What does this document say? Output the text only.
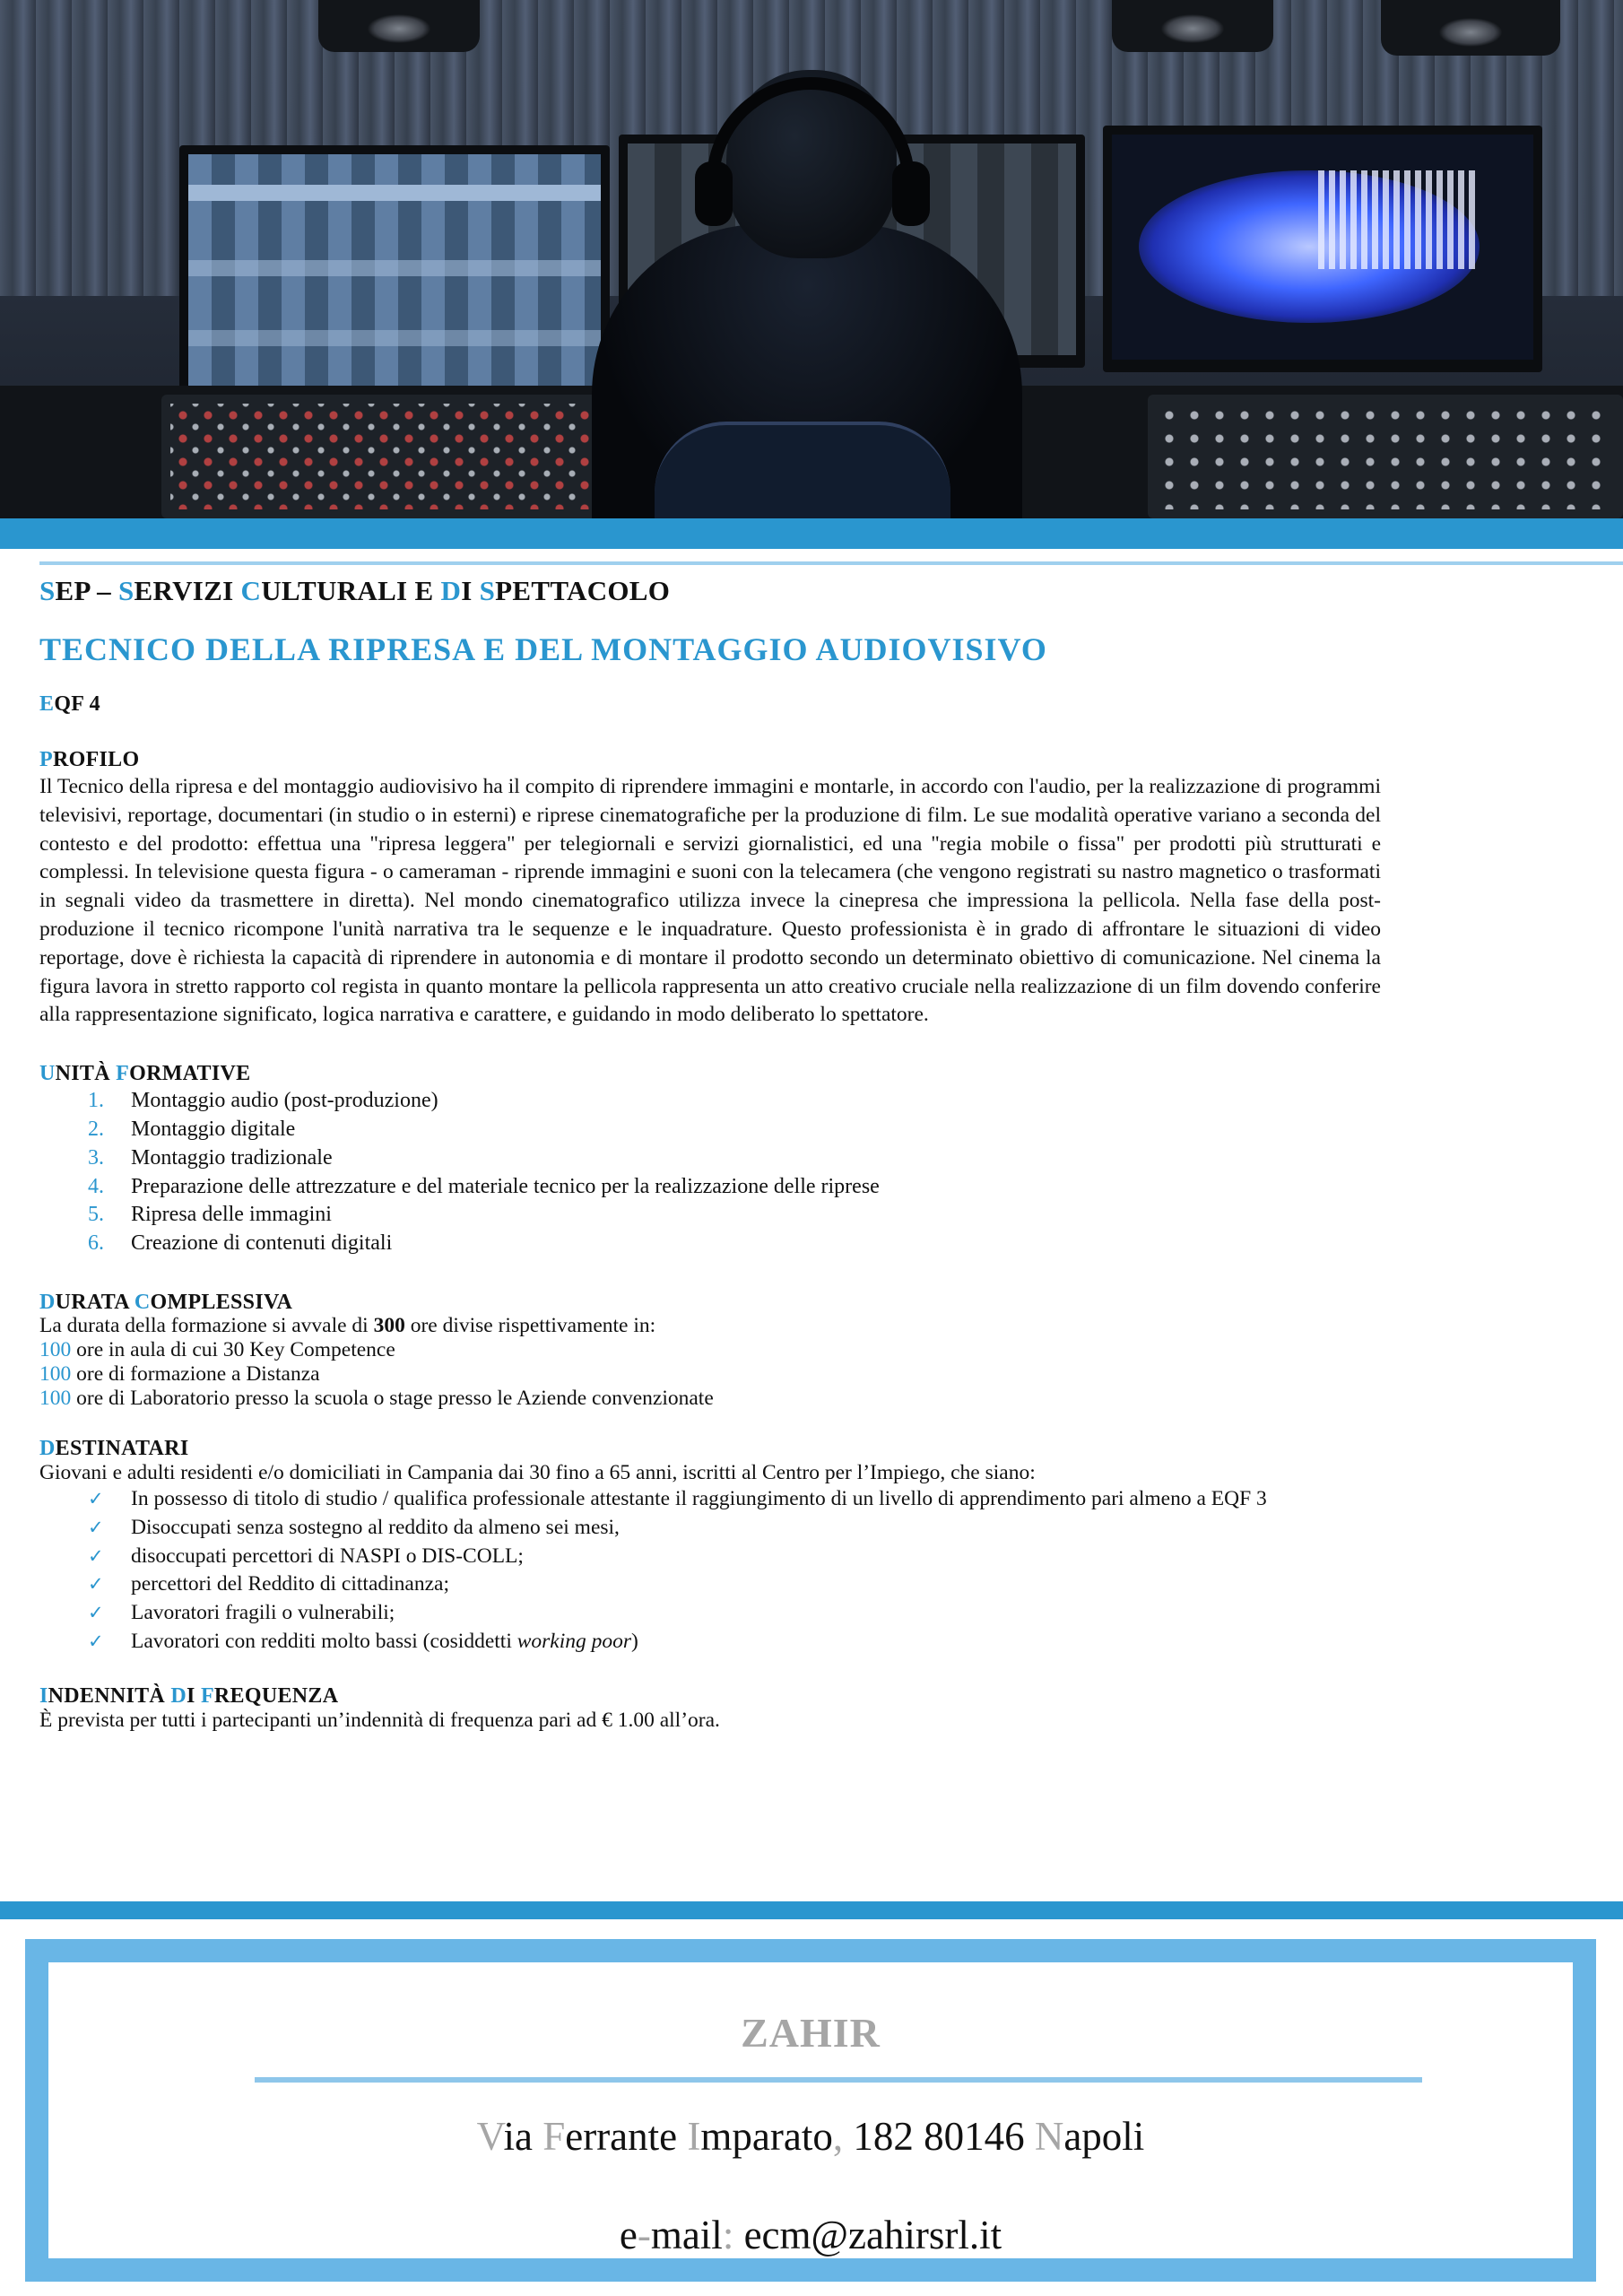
SEP – SERVIZI CULTURALI E DI SPETTACOLO
TECNICO DELLA RIPRESA E DEL MONTAGGIO AUDIOVISIVO
EQF 4
PROFILO

Il Tecnico della ripresa e del montaggio audiovisivo ha il compito di riprendere immagini e montarle, in accordo con l'audio, per la realizzazione di programmi televisivi, reportage, documentari (in studio o in esterni) e riprese cinematografiche per la produzione di film. Le sue modalità operative variano a seconda del contesto e del prodotto: effettua una "ripresa leggera" per telegiornali e servizi giornalistici, ed una "regia mobile o fissa" per prodotti più strutturati e complessi. In televisione questa figura - o cameraman - riprende immagini e suoni con la telecamera (che vengono registrati su nastro magnetico o trasformati in segnali video da trasmettere in diretta). Nel mondo cinematografico utilizza invece la cinepresa che impressiona la pellicola. Nella fase della post-produzione il tecnico ricompone l'unità narrativa tra le sequenze e le inquadrature. Questo professionista è in grado di affrontare le situazioni di video reportage, dove è richiesta la capacità di riprendere in autonomia e di montare il prodotto secondo un determinato obiettivo di comunicazione. Nel cinema la figura lavora in stretto rapporto col regista in quanto montare la pellicola rappresenta un atto creativo cruciale nella realizzazione di un film dovendo conferire alla rappresentazione significato, logica narrativa e carattere, e guidando in modo deliberato lo spettatore.

UNITÀ FORMATIVE
1.	Montaggio audio (post-produzione)
2.	Montaggio digitale
3.	Montaggio tradizionale
4.	Preparazione delle attrezzature e del materiale tecnico per la realizzazione delle riprese
5.	Ripresa delle immagini
6.	Creazione di contenuti digitali
DURATA COMPLESSIVA
La durata della formazione si avvale di 300 ore divise rispettivamente in:
100 ore in aula di cui 30 Key Competence
100 ore di formazione a Distanza
100 ore di Laboratorio presso la scuola o stage presso le Aziende convenzionate
DESTINATARI
Giovani e adulti residenti e/o domiciliati in Campania dai 30 fino a 65 anni, iscritti al Centro per l’Impiego, che siano:
✓	In possesso di titolo di studio / qualifica professionale attestante il raggiungimento di un livello di apprendimento pari almeno a EQF 3
✓	Disoccupati senza sostegno al reddito da almeno sei mesi,
✓	disoccupati percettori di NASPI o DIS-COLL;
✓	percettori del Reddito di cittadinanza;
✓	Lavoratori fragili o vulnerabili;
✓	Lavoratori con redditi molto bassi (cosiddetti working poor)
INDENNITÀ DI FREQUENZA
È prevista per tutti i partecipanti un’indennità di frequenza pari ad € 1.00 all’ora.
ZAHIR
Via Ferrante Imparato, 182 80146 Napoli
e-mail: ecm@zahirsrl.it
